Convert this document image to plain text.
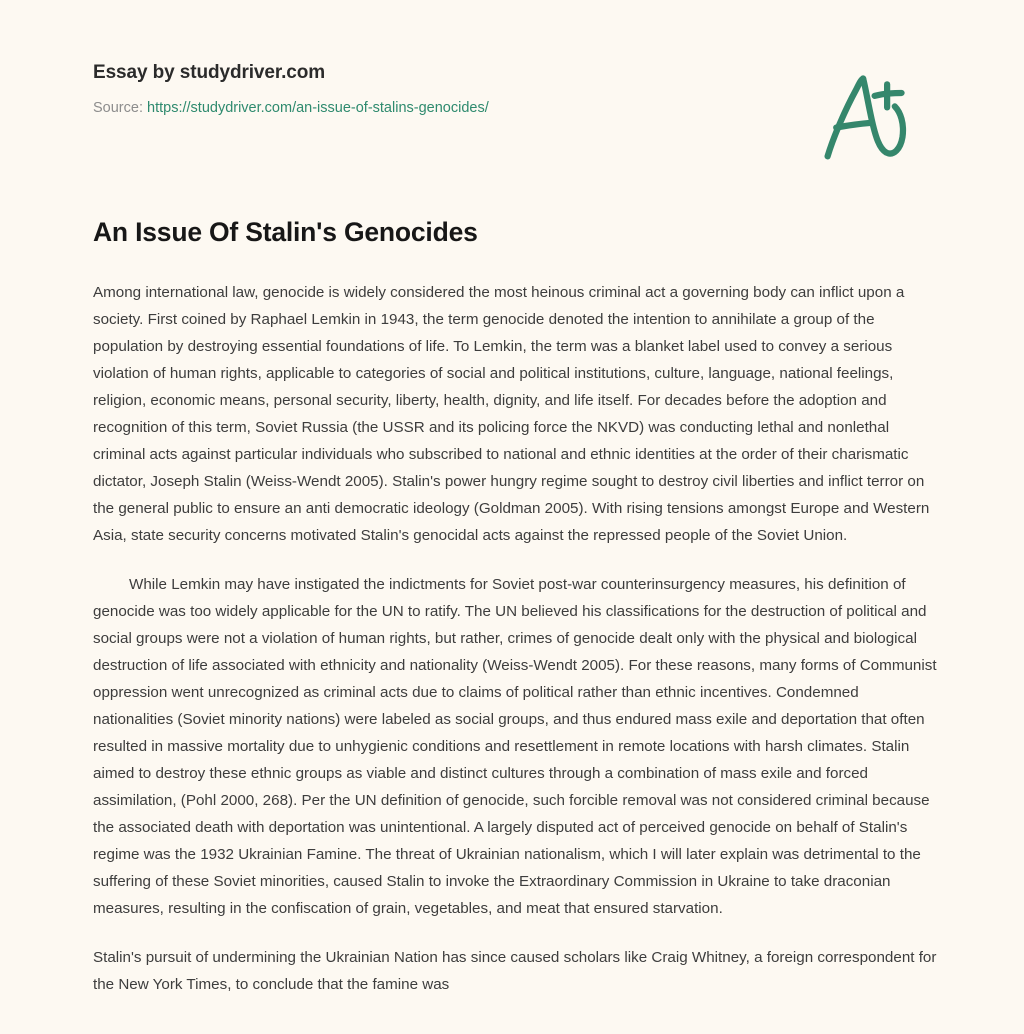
Essay by studydriver.com
Source: https://studydriver.com/an-issue-of-stalins-genocides/
An Issue Of Stalin's Genocides

Among international law, genocide is widely considered the most heinous criminal act a governing body can inflict upon a society. First coined by Raphael Lemkin in 1943, the term genocide denoted the intention to annihilate a group of the population by destroying essential foundations of life. To Lemkin, the term was a blanket label used to convey a serious violation of human rights, applicable to categories of social and political institutions, culture, language, national feelings, religion, economic means, personal security, liberty, health, dignity, and life itself. For decades before the adoption and recognition of this term, Soviet Russia (the USSR and its policing force the NKVD) was conducting lethal and nonlethal criminal acts against particular individuals who subscribed to national and ethnic identities at the order of their charismatic dictator, Joseph Stalin (Weiss-Wendt 2005). Stalin's power hungry regime sought to destroy civil liberties and inflict terror on the general public to ensure an anti democratic ideology (Goldman 2005). With rising tensions amongst Europe and Western Asia, state security concerns motivated Stalin's genocidal acts against the repressed people of the Soviet Union.

While Lemkin may have instigated the indictments for Soviet post-war counterinsurgency measures, his definition of genocide was too widely applicable for the UN to ratify. The UN believed his classifications for the destruction of political and social groups were not a violation of human rights, but rather, crimes of genocide dealt only with the physical and biological destruction of life associated with ethnicity and nationality (Weiss-Wendt 2005). For these reasons, many forms of Communist oppression went unrecognized as criminal acts due to claims of political rather than ethnic incentives. Condemned nationalities (Soviet minority nations) were labeled as social groups, and thus endured mass exile and deportation that often resulted in massive mortality due to unhygienic conditions and resettlement in remote locations with harsh climates. Stalin aimed to destroy these ethnic groups as viable and distinct cultures through a combination of mass exile and forced assimilation, (Pohl 2000, 268). Per the UN definition of genocide, such forcible removal was not considered criminal because the associated death with deportation was unintentional. A largely disputed act of perceived genocide on behalf of Stalin's regime was the 1932 Ukrainian Famine. The threat of Ukrainian nationalism, which I will later explain was detrimental to the suffering of these Soviet minorities, caused Stalin to invoke the Extraordinary Commission in Ukraine to take draconian measures, resulting in the confiscation of grain, vegetables, and meat that ensured starvation.

Stalin's pursuit of undermining the Ukrainian Nation has since caused scholars like Craig Whitney, a foreign correspondent for the New York Times, to conclude that the famine was
